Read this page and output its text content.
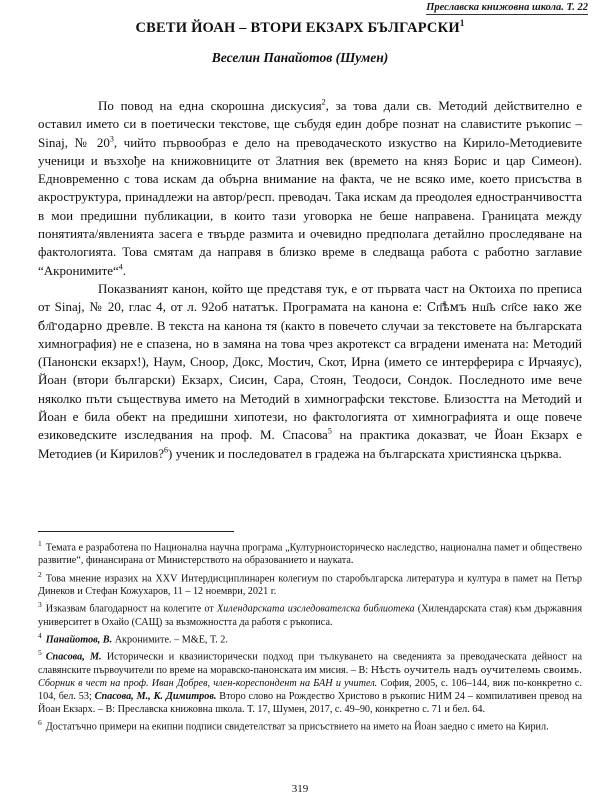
Преславска книжовна школа. Т. 22
СВЕТИ ЙОАН – ВТОРИ ЕКЗАРХ БЪЛГАРСКИ$^1$
Веселин Панайотов (Шумен)

По повод на една скорошна дискусия$^2$, за това дали св. Методий действително е оставил името си в поетически текстове, ще събудя един добре познат на славистите ръкопис – Sinaj, № 20$^3$, чийто първообраз е дело на преводаческото изкуство на Кирило-Методиевите ученици и възхође на книжовниците от Златния век (времето на княз Борис и цар Симеон). Едновременно с това искам да обърна внимание на факта, че не всяко име, което присъства в акроструктура, принадлежи на автор/респ. преводач. Така искам да преодолея едностранчивостта в мои предишни публикации, в които тази уговорка не беше направена. Границата между понятията/явленията засега е твърде размита и очевидно предполага детайлно проследяване на фактологията. Това смятам да направя в близко време в следваща работа с работно заглавие “Акронимите“$^4$.

Показваният канон, който ще представя тук, е от първата част на Октоиха по преписа от Sinaj, № 20, глас 4, от л. 92об нататък. Програмата на канона е: Сп҃ѣмъ нш҃ь сп҃се ꙗко же бл҃годарно древле. В текста на канона тя (както в повечето случаи за текстовете на българската химнография) не е спазена, но в замяна на това чрез акротекст са вградени имената на: Методий (Панонски екзарх!), Наум, Сноор, Докс, Мостич, Скот, Ирна (името се интерферира с Ирчаяус), Йоан (втори български) Екзарх, Сисин, Сара, Стоян, Теодоси, Сондок. Последното име вече няколко пъти съществува името на Методий в химнографски текстове. Близостта на Методий и Йоан е била обект на предишни хипотези, но фактологията от химнографията и още повече езиковедските изследвания на проф. М. Спасова$^5$ на практика доказват, че Йоан Екзарх е Методиев (и Кирилов?$^6$) ученик и последовател в градежа на българската християнска църква.

$^1$ Темата е разработена по Национална научна програма „Културноисторическо наследство, национална памет и обществено развитие“, финансирана от Министерството на образованието и науката.

$^2$ Това мнение изразих на XXV Интердисциплинарен колегиум по старобългарска литература и култура в памет на Петър Динеков и Стефан Кожухаров, 11 – 12 ноември, 2021 г.

$^3$ Изказвам благодарност на колегите от Хилендарската изследователска библиотека (Хилендарската стая) към държавния университет в Охайо (САЩ) за възможността да работя с ръкописа.

$^4$ Панайотов, В. Акронимите. – M&E, Т. 2.

$^5$ Спасова, М. Исторически и квазиисторически подход при тълкуването на сведенията за преводаческата дейност на славянските първоучители по време на моравско-панонската им мисия. – В: Нѣсть оучитель надъ оучителемь своимь. Сборник в чест на проф. Иван Добрев, член-кореспондент на БАН и учител. София, 2005, с. 106–144, виж по-конкретно с. 104, бел. 53; Спасова, М., К. Димитров. Второ слово на Рождество Христово в ръкопис НИМ 24 – компилативен превод на Йоан Екзарх. – В: Преславска книжовна школа. Т. 17, Шумен, 2017, с. 49–90, конкретно с. 71 и бел. 64.

$^6$ Достатъчно примери на екипни подписи свидетелстват за присъствието на името на Йоан заедно с името на Кирил.

319
